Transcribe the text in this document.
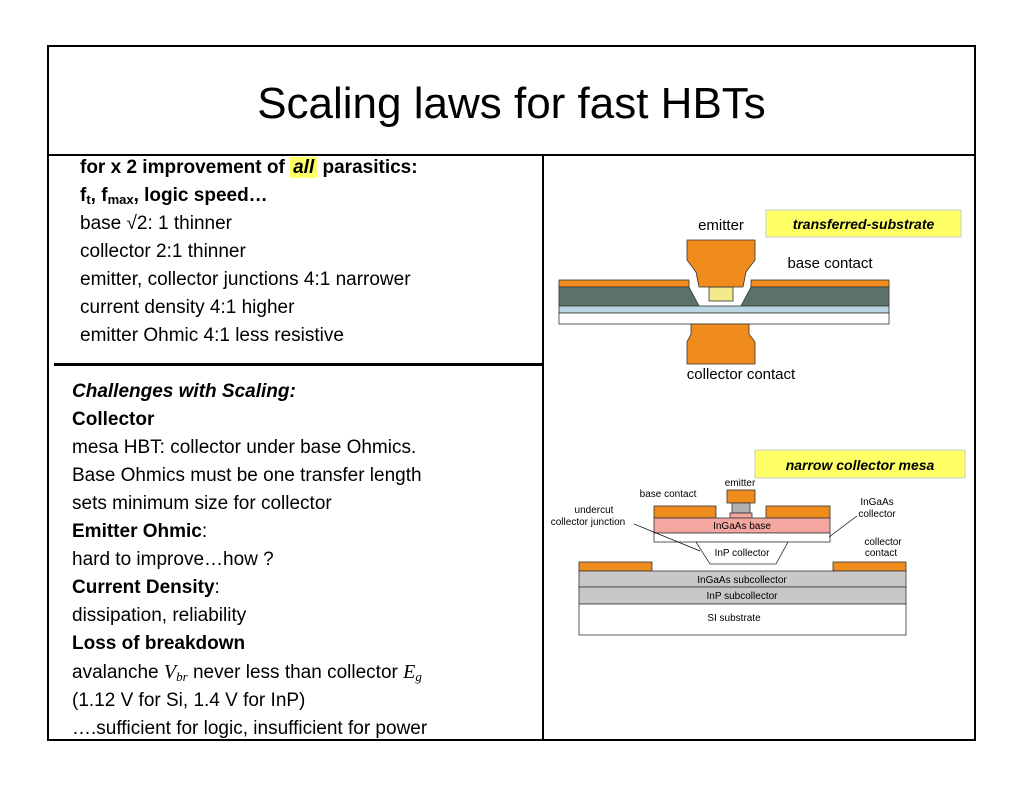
Scaling laws for fast HBTs
for x 2 improvement of all parasitics:
$f_t$, $f_{max}$, logic speed…
base √2: 1 thinner
collector 2:1 thinner
emitter, collector junctions 4:1 narrower
current density 4:1 higher
emitter Ohmic 4:1 less resistive
Challenges with Scaling:
Collector
mesa HBT: collector under base Ohmics.
Base Ohmics must be one transfer length
sets minimum size for collector
Emitter Ohmic:
hard to improve…how ?
Current Density:
dissipation, reliability
Loss of breakdown
avalanche $V_{br}$ never less than collector $E_g$
(1.12 V for Si, 1.4 V for InP)
….sufficient for logic, insufficient for power
transferred-substrate
emitter
base contact
collector contact
narrow collector mesa
emitter
base contact
InGaAs base
InP collector
undercut
collector junction
InGaAs
collector
collector
contact
InGaAs subcollector
InP subcollector
SI substrate
